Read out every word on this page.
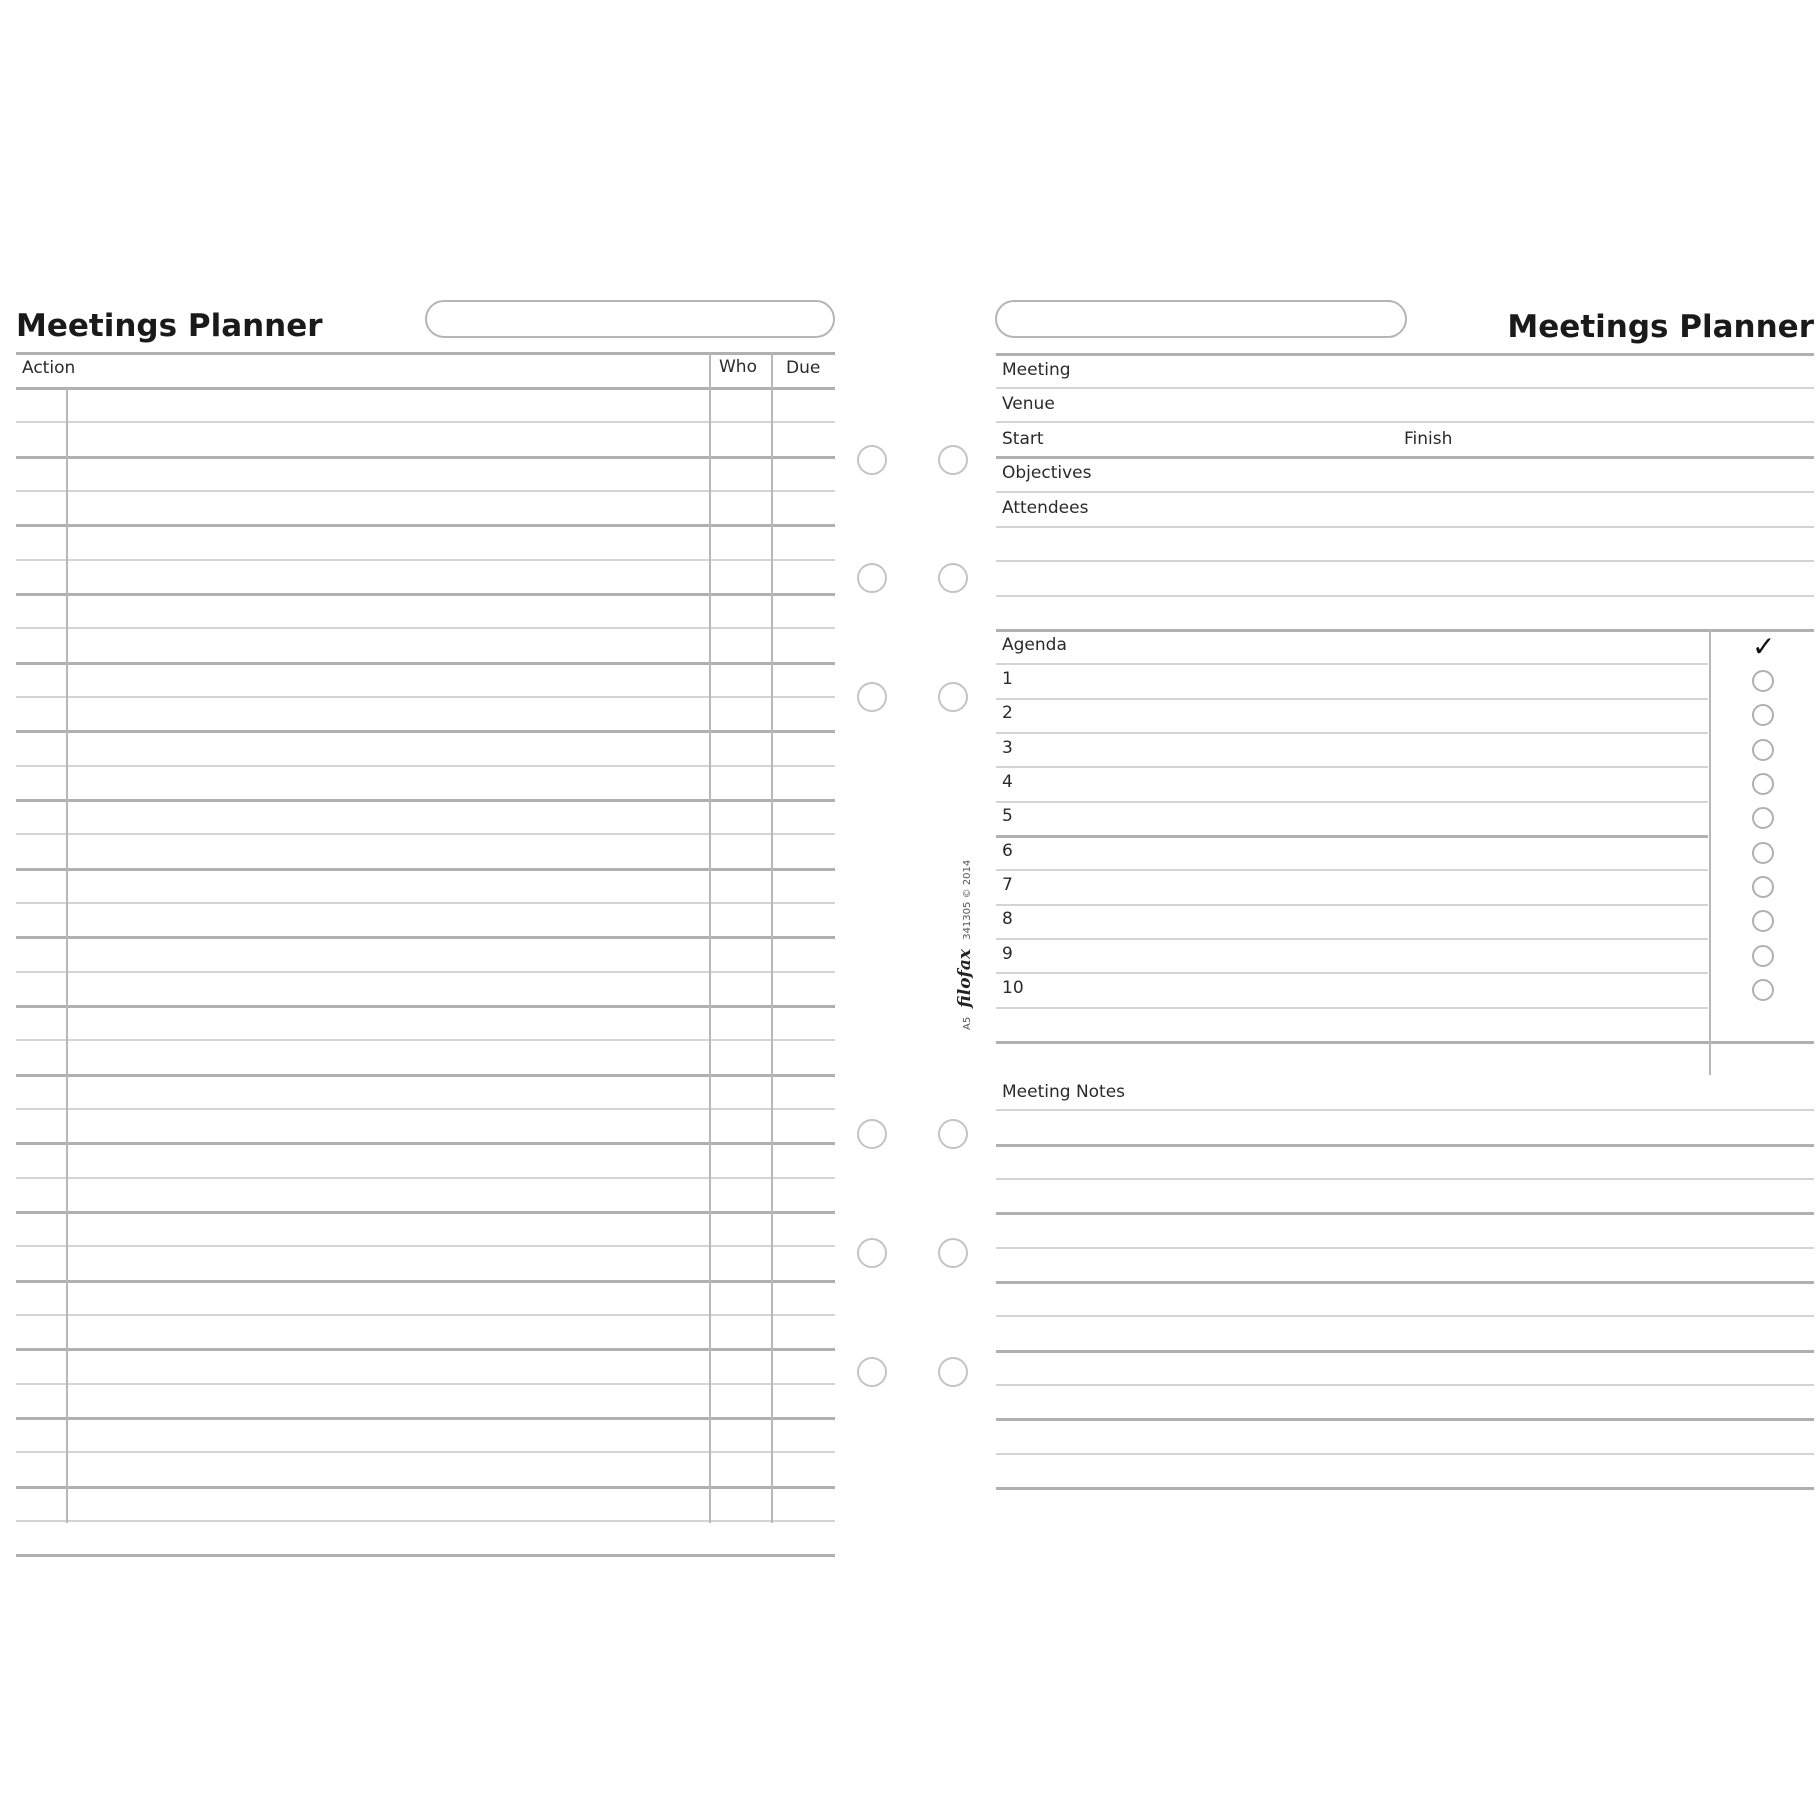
Meetings Planner
Action	Who Due
A5 filofax 341305 © 2014
Meetings Planner
Meeting
Venue
Start	Finish
Objectives
Attendees
Agenda	✓
1
2
3
4
5
6
7
8
9
10
Meeting Notes
